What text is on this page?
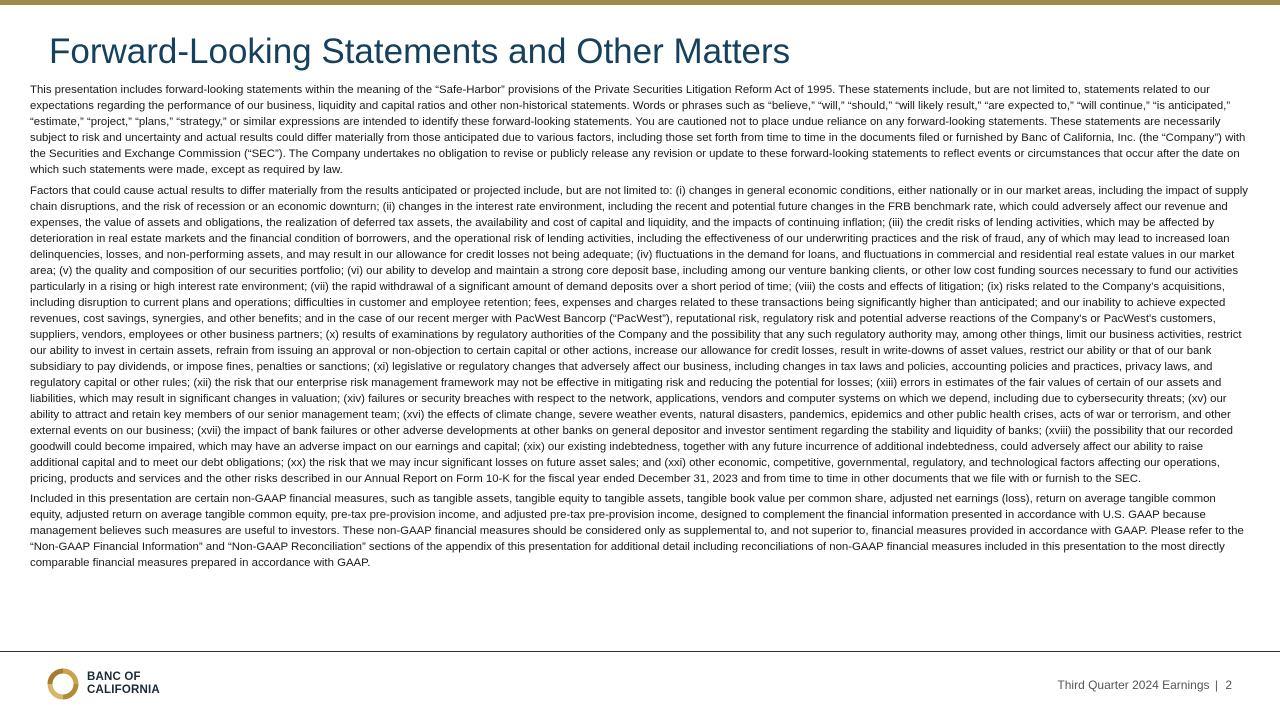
Forward-Looking Statements and Other Matters

This presentation includes forward-looking statements within the meaning of the “Safe-Harbor” provisions of the Private Securities Litigation Reform Act of 1995. These statements include, but are not limited to, statements related to our expectations regarding the performance of our business, liquidity and capital ratios and other non-historical statements. Words or phrases such as “believe,” “will,” “should,” “will likely result,” “are expected to,” “will continue,” “is anticipated,” “estimate,” “project,” “plans,” “strategy,” or similar expressions are intended to identify these forward-looking statements. You are cautioned not to place undue reliance on any forward-looking statements. These statements are necessarily subject to risk and uncertainty and actual results could differ materially from those anticipated due to various factors, including those set forth from time to time in the documents filed or furnished by Banc of California, Inc. (the “Company”) with the Securities and Exchange Commission (“SEC”). The Company undertakes no obligation to revise or publicly release any revision or update to these forward-looking statements to reflect events or circumstances that occur after the date on which such statements were made, except as required by law.

Factors that could cause actual results to differ materially from the results anticipated or projected include, but are not limited to: (i) changes in general economic conditions, either nationally or in our market areas, including the impact of supply chain disruptions, and the risk of recession or an economic downturn; (ii) changes in the interest rate environment, including the recent and potential future changes in the FRB benchmark rate, which could adversely affect our revenue and expenses, the value of assets and obligations, the realization of deferred tax assets, the availability and cost of capital and liquidity, and the impacts of continuing inflation; (iii) the credit risks of lending activities, which may be affected by deterioration in real estate markets and the financial condition of borrowers, and the operational risk of lending activities, including the effectiveness of our underwriting practices and the risk of fraud, any of which may lead to increased loan delinquencies, losses, and non-performing assets, and may result in our allowance for credit losses not being adequate; (iv) fluctuations in the demand for loans, and fluctuations in commercial and residential real estate values in our market area; (v) the quality and composition of our securities portfolio; (vi) our ability to develop and maintain a strong core deposit base, including among our venture banking clients, or other low cost funding sources necessary to fund our activities particularly in a rising or high interest rate environment; (vii) the rapid withdrawal of a significant amount of demand deposits over a short period of time; (viii) the costs and effects of litigation; (ix) risks related to the Company’s acquisitions, including disruption to current plans and operations; difficulties in customer and employee retention; fees, expenses and charges related to these transactions being significantly higher than anticipated; and our inability to achieve expected revenues, cost savings, synergies, and other benefits; and in the case of our recent merger with PacWest Bancorp (“PacWest”), reputational risk, regulatory risk and potential adverse reactions of the Company's or PacWest's customers, suppliers, vendors, employees or other business partners; (x) results of examinations by regulatory authorities of the Company and the possibility that any such regulatory authority may, among other things, limit our business activities, restrict our ability to invest in certain assets, refrain from issuing an approval or non-objection to certain capital or other actions, increase our allowance for credit losses, result in write-downs of asset values, restrict our ability or that of our bank subsidiary to pay dividends, or impose fines, penalties or sanctions; (xi) legislative or regulatory changes that adversely affect our business, including changes in tax laws and policies, accounting policies and practices, privacy laws, and regulatory capital or other rules; (xii) the risk that our enterprise risk management framework may not be effective in mitigating risk and reducing the potential for losses; (xiii) errors in estimates of the fair values of certain of our assets and liabilities, which may result in significant changes in valuation; (xiv) failures or security breaches with respect to the network, applications, vendors and computer systems on which we depend, including due to cybersecurity threats; (xv) our ability to attract and retain key members of our senior management team; (xvi) the effects of climate change, severe weather events, natural disasters, pandemics, epidemics and other public health crises, acts of war or terrorism, and other external events on our business; (xvii) the impact of bank failures or other adverse developments at other banks on general depositor and investor sentiment regarding the stability and liquidity of banks; (xviii) the possibility that our recorded goodwill could become impaired, which may have an adverse impact on our earnings and capital; (xix) our existing indebtedness, together with any future incurrence of additional indebtedness, could adversely affect our ability to raise additional capital and to meet our debt obligations; (xx) the risk that we may incur significant losses on future asset sales; and (xxi) other economic, competitive, governmental, regulatory, and technological factors affecting our operations, pricing, products and services and the other risks described in our Annual Report on Form 10-K for the fiscal year ended December 31, 2023 and from time to time in other documents that we file with or furnish to the SEC.

Included in this presentation are certain non-GAAP financial measures, such as tangible assets, tangible equity to tangible assets, tangible book value per common share, adjusted net earnings (loss), return on average tangible common equity, adjusted return on average tangible common equity, pre-tax pre-provision income, and adjusted pre-tax pre-provision income, designed to complement the financial information presented in accordance with U.S. GAAP because management believes such measures are useful to investors. These non-GAAP financial measures should be considered only as supplemental to, and not superior to, financial measures provided in accordance with GAAP. Please refer to the “Non-GAAP Financial Information” and “Non-GAAP Reconciliation” sections of the appendix of this presentation for additional detail including reconciliations of non-GAAP financial measures included in this presentation to the most directly comparable financial measures prepared in accordance with GAAP.

BANC OF
CALIFORNIA	Third Quarter 2024 Earnings | 2
